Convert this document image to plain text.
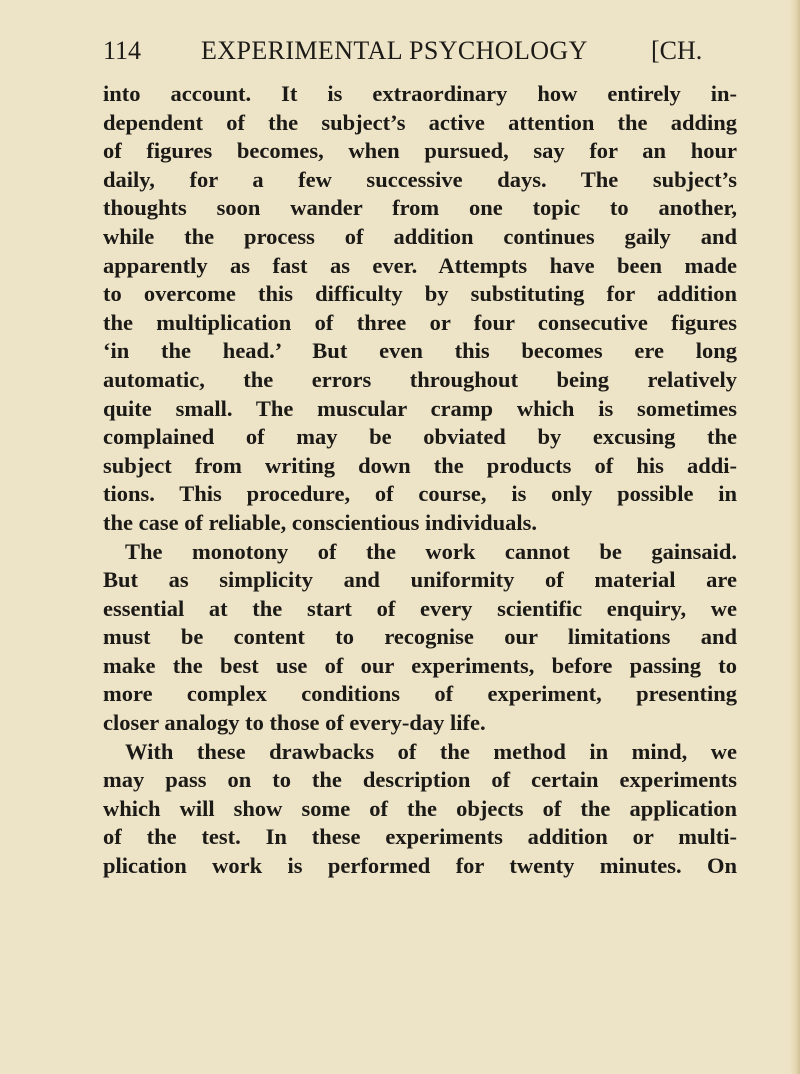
114 EXPERIMENTAL PSYCHOLOGY [CH.
into account. It is extraordinary how entirely in-
dependent of the subject’s active attention the adding
of figures becomes, when pursued, say for an hour
daily, for a few successive days. The subject’s
thoughts soon wander from one topic to another,
while the process of addition continues gaily and
apparently as fast as ever. Attempts have been made
to overcome this difficulty by substituting for addition
the multiplication of three or four consecutive figures
‘in the head.’ But even this becomes ere long
automatic, the errors throughout being relatively
quite small. The muscular cramp which is sometimes
complained of may be obviated by excusing the
subject from writing down the products of his addi-
tions. This procedure, of course, is only possible in
the case of reliable, conscientious individuals.
The monotony of the work cannot be gainsaid.
But as simplicity and uniformity of material are
essential at the start of every scientific enquiry, we
must be content to recognise our limitations and
make the best use of our experiments, before passing to
more complex conditions of experiment, presenting
closer analogy to those of every-day life.
With these drawbacks of the method in mind, we
may pass on to the description of certain experiments
which will show some of the objects of the application
of the test. In these experiments addition or multi-
plication work is performed for twenty minutes. On
